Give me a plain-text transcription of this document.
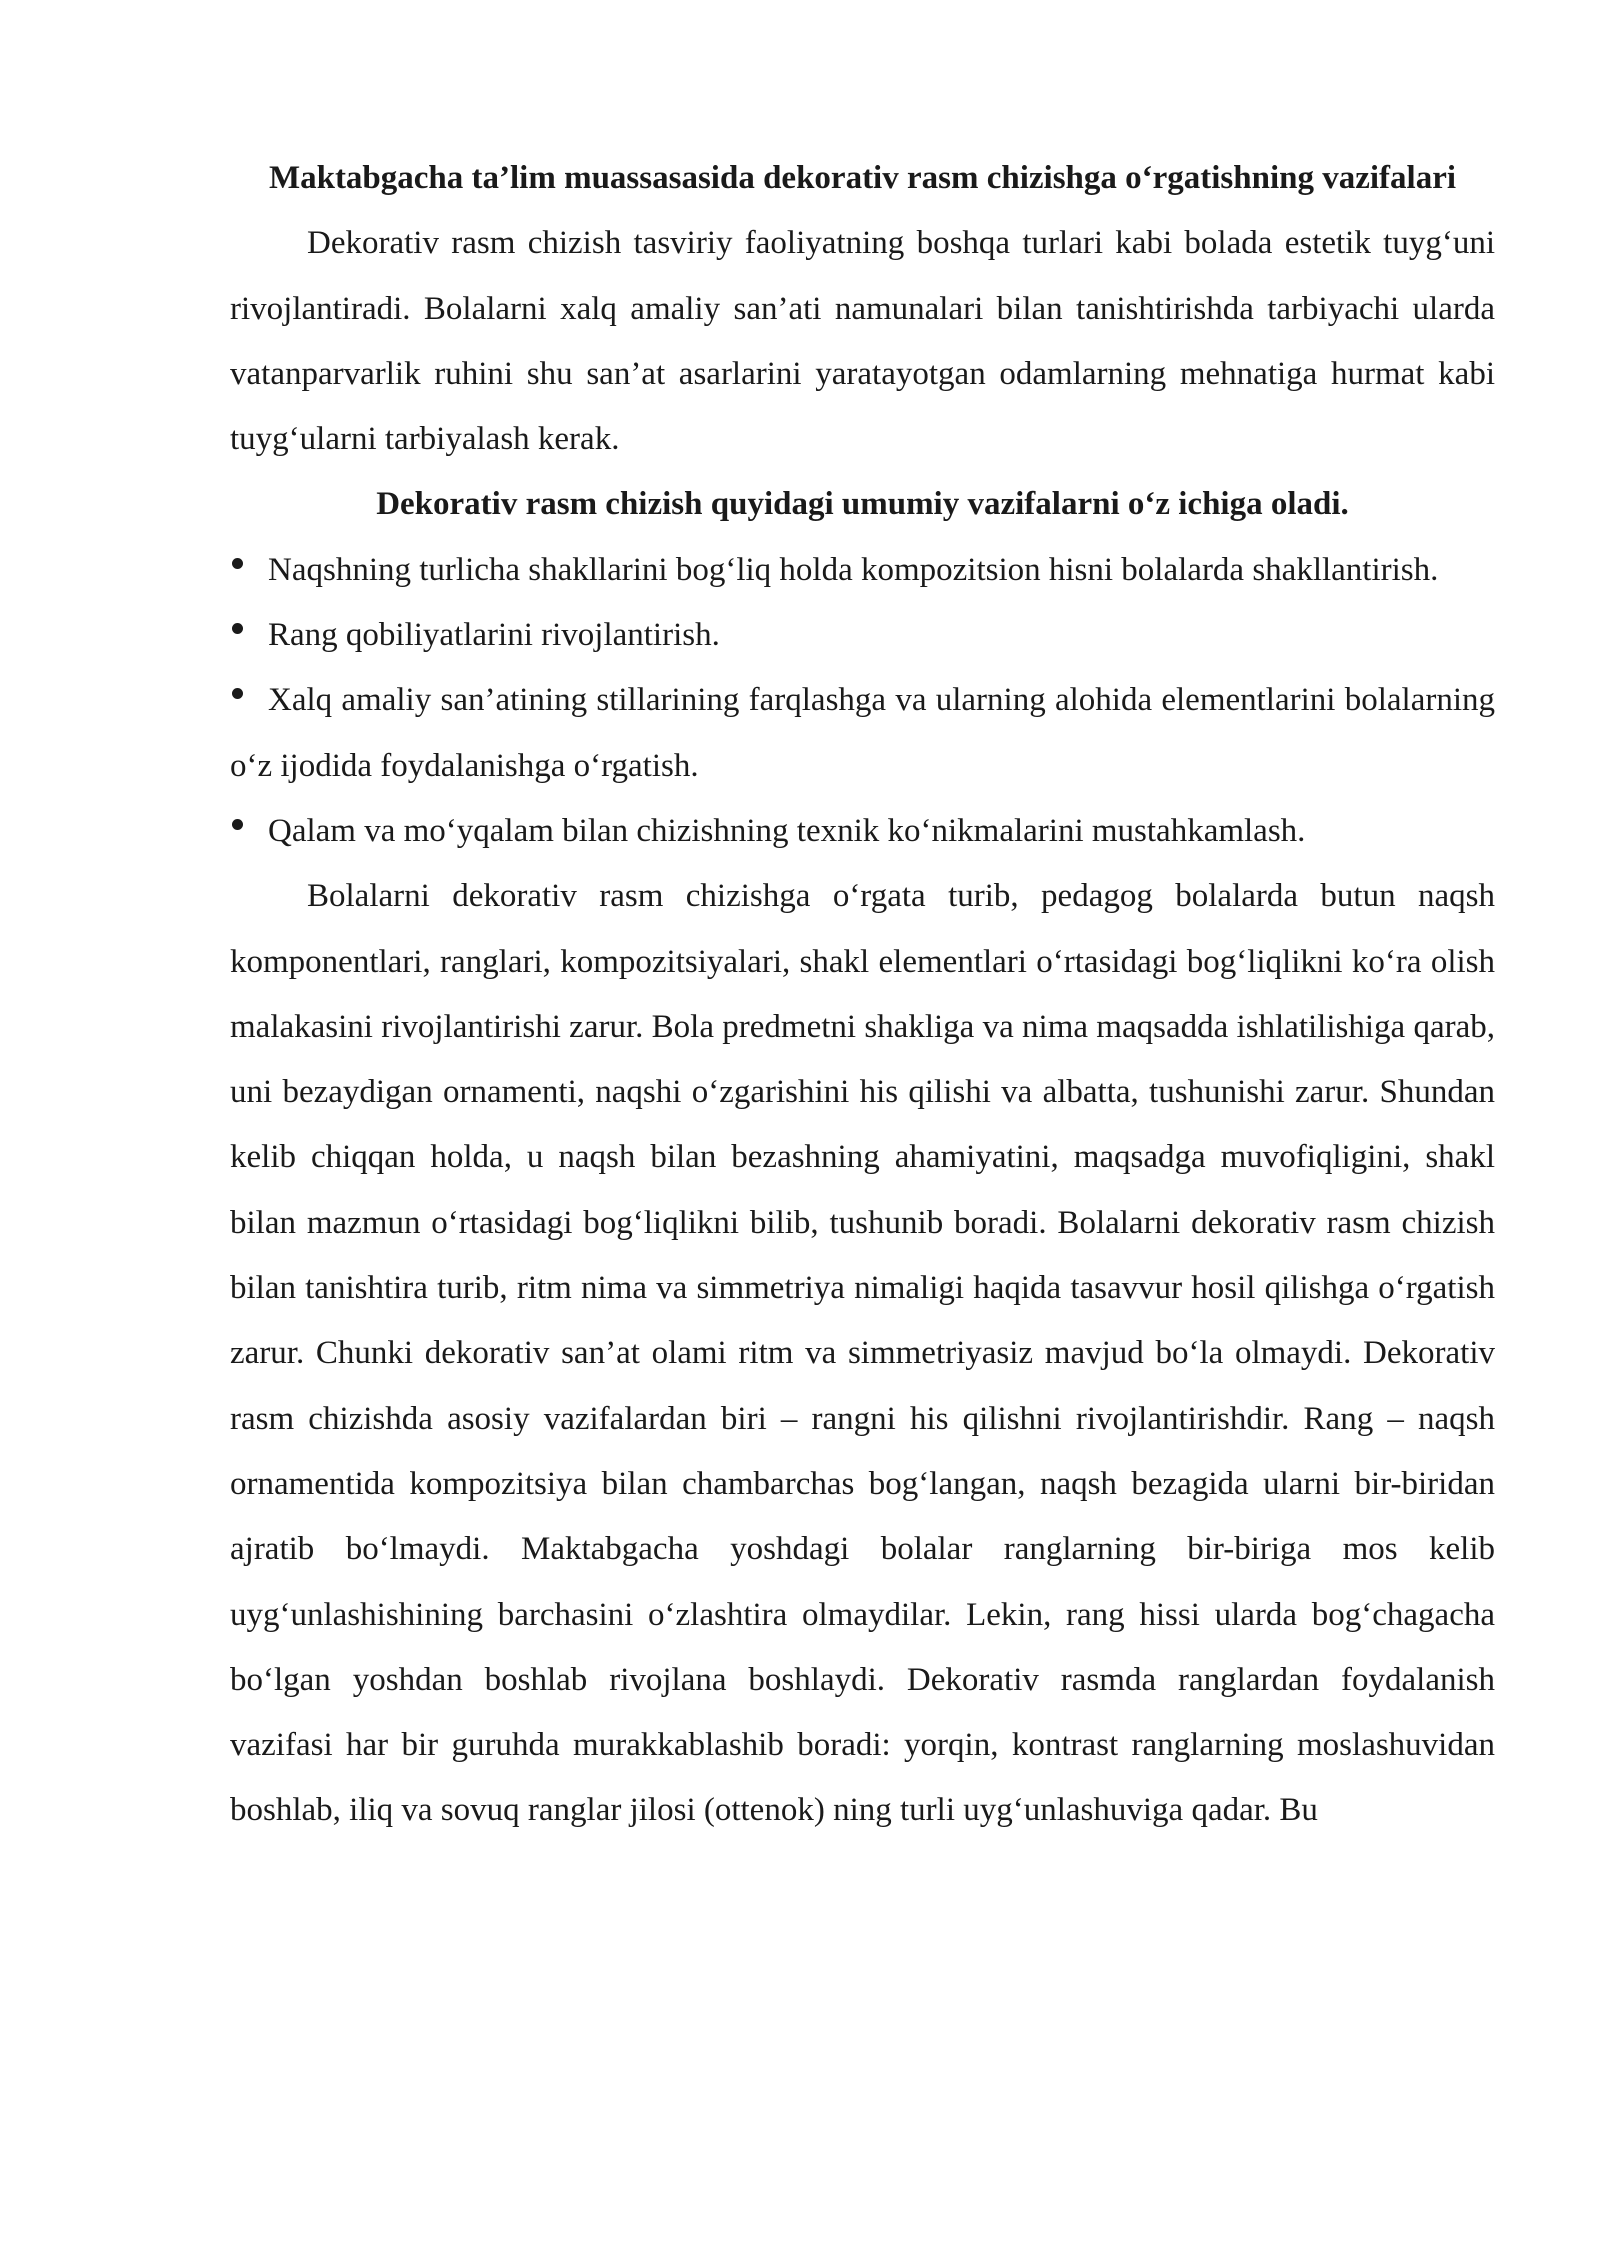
Maktabgacha ta’lim muassasasida dekorativ rasm chizishga o‘rgatishning vazifalari

Dekorativ rasm chizish tasviriy faoliyatning boshqa turlari kabi bolada estetik tuyg‘uni rivojlantiradi. Bolalarni xalq amaliy san’ati namunalari bilan tanishtirishda tarbiyachi ularda vatanparvarlik ruhini shu san’at asarlarini yaratayotgan odamlarning mehnatiga hurmat kabi tuyg‘ularni tarbiyalash kerak.

Dekorativ rasm chizish quyidagi umumiy vazifalarni o‘z ichiga oladi.

Naqshning turlicha shakllarini bog‘liq holda kompozitsion hisni bolalarda shakllantirish.
Rang qobiliyatlarini rivojlantirish.
Xalq amaliy san’atining stillarining farqlashga va ularning alohida elementlarini bolalarning o‘z ijodida foydalanishga o‘rgatish.
Qalam va mo‘yqalam bilan chizishning texnik ko‘nikmalarini mustahkamlash.

Bolalarni dekorativ rasm chizishga o‘rgata turib, pedagog bolalarda butun naqsh komponentlari, ranglari, kompozitsiyalari, shakl elementlari o‘rtasidagi bog‘liqlikni ko‘ra olish malakasini rivojlantirishi zarur. Bola predmetni shakliga va nima maqsadda ishlatilishiga qarab, uni bezaydigan ornamenti, naqshi o‘zgarishini his qilishi va albatta, tushunishi zarur. Shundan kelib chiqqan holda, u naqsh bilan bezashning ahamiyatini, maqsadga muvofiqligini, shakl bilan mazmun o‘rtasidagi bog‘liqlikni bilib, tushunib boradi. Bolalarni dekorativ rasm chizish bilan tanishtira turib, ritm nima va simmetriya nimaligi haqida tasavvur hosil qilishga o‘rgatish zarur. Chunki dekorativ san’at olami ritm va simmetriyasiz mavjud bo‘la olmaydi. Dekorativ rasm chizishda asosiy vazifalardan biri – rangni his qilishni rivojlantirishdir. Rang – naqsh ornamentida kompozitsiya bilan chambarchas bog‘langan, naqsh bezagida ularni bir-biridan ajratib bo‘lmaydi. Maktabgacha yoshdagi bolalar ranglarning bir-biriga mos kelib uyg‘unlashishining barchasini o‘zlashtira olmaydilar. Lekin, rang hissi ularda bog‘chagacha bo‘lgan yoshdan boshlab rivojlana boshlaydi. Dekorativ rasmda ranglardan foydalanish vazifasi har bir guruhda murakkablashib boradi: yorqin, kontrast ranglarning moslashuvidan boshlab, iliq va sovuq ranglar jilosi (ottenok) ning turli uyg‘unlashuviga qadar. Bu
